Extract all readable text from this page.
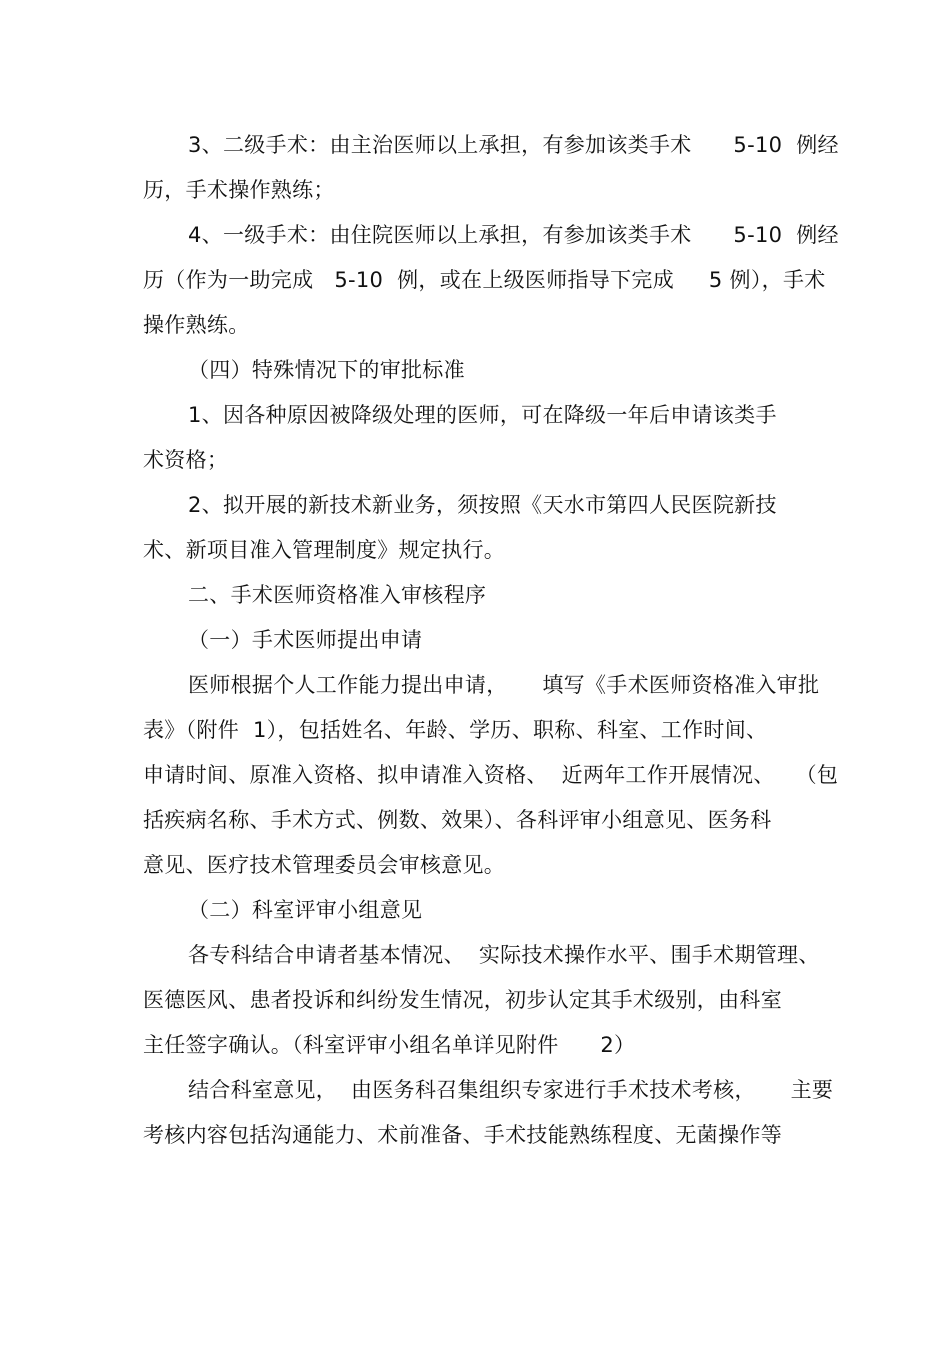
3、二级手术：由主治医师以上承担，有参加该类手术      5-10  例经
历，手术操作熟练；
4、一级手术：由住院医师以上承担，有参加该类手术      5-10  例经
历（作为一助完成   5-10  例，或在上级医师指导下完成     5 例），手术
操作熟练。
（四）特殊情况下的审批标准
1、因各种原因被降级处理的医师，可在降级一年后申请该类手
术资格；
2、拟开展的新技术新业务，须按照《天水市第四人民医院新技
术、新项目准入管理制度》规定执行。
二、手术医师资格准入审核程序
（一）手术医师提出申请
医师根据个人工作能力提出申请，     填写《手术医师资格准入审批
表》（附件  1），包括姓名、年龄、学历、职称、科室、工作时间、
申请时间、原准入资格、拟申请准入资格、  近两年工作开展情况、   （包
括疾病名称、手术方式、例数、效果）、各科评审小组意见、医务科
意见、医疗技术管理委员会审核意见。
（二）科室评审小组意见
各专科结合申请者基本情况、  实际技术操作水平、围手术期管理、
医德医风、患者投诉和纠纷发生情况，初步认定其手术级别，由科室
主任签字确认。（科室评审小组名单详见附件      2）
结合科室意见，  由医务科召集组织专家进行手术技术考核，     主要
考核内容包括沟通能力、术前准备、手术技能熟练程度、无菌操作等
